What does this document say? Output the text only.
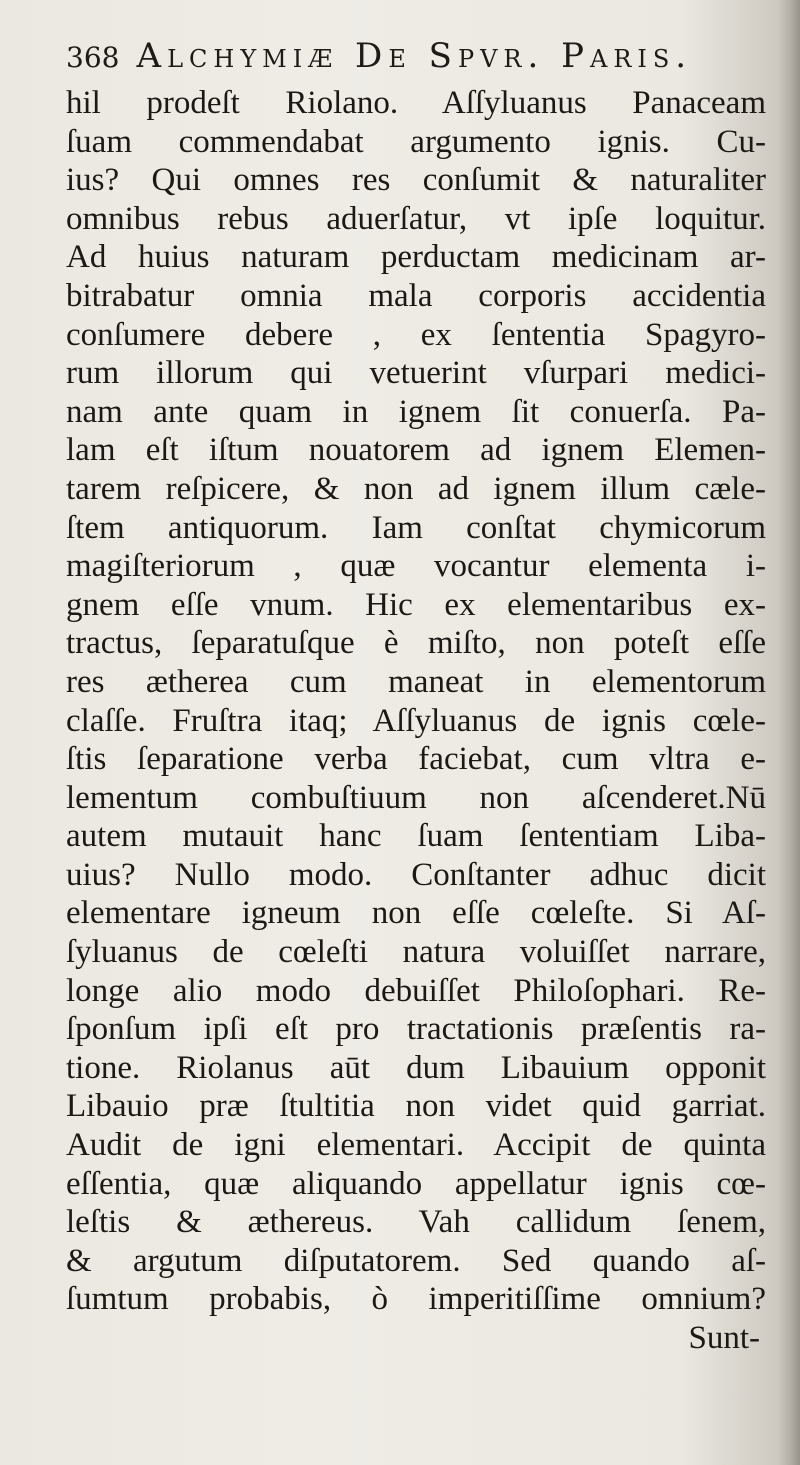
368 Alchymiæ De Spvr. Paris.
hil prodeſt Riolano. Aſſyluanus Panaceam
ſuam commendabat argumento ignis. Cu-
ius? Qui omnes res conſumit & naturaliter
omnibus rebus aduerſatur, vt ipſe loquitur.
Ad huius naturam perductam medicinam ar-
bitrabatur omnia mala corporis accidentia
conſumere debere , ex ſententia Spagyro-
rum illorum qui vetuerint vſurpari medici-
nam ante quam in ignem ſit conuerſa. Pa-
lam eſt iſtum nouatorem ad ignem Elemen-
tarem reſpicere, & non ad ignem illum cæle-
ſtem antiquorum. Iam conſtat chymicorum
magiſteriorum , quæ vocantur elementa i-
gnem eſſe vnum. Hic ex elementaribus ex-
tractus, ſeparatuſque è miſto, non poteſt eſſe
res ætherea cum maneat in elementorum
claſſe. Fruſtra itaq; Aſſyluanus de ignis cœle-
ſtis ſeparatione verba faciebat, cum vltra e-
lementum combuſtiuum non aſcenderet.Nū
autem mutauit hanc ſuam ſententiam Liba-
uius? Nullo modo. Conſtanter adhuc dicit
elementare igneum non eſſe cœleſte. Si Aſ-
ſyluanus de cœleſti natura voluiſſet narrare,
longe alio modo debuiſſet Philoſophari. Re-
ſponſum ipſi eſt pro tractationis præſentis ra-
tione. Riolanus aūt dum Libauium opponit
Libauio præ ſtultitia non videt quid garriat.
Audit de igni elementari. Accipit de quinta
eſſentia, quæ aliquando appellatur ignis cœ-
leſtis & æthereus. Vah callidum ſenem,
& argutum diſputatorem. Sed quando aſ-
ſumtum probabis, ò imperitiſſime omnium?
Sunt-
